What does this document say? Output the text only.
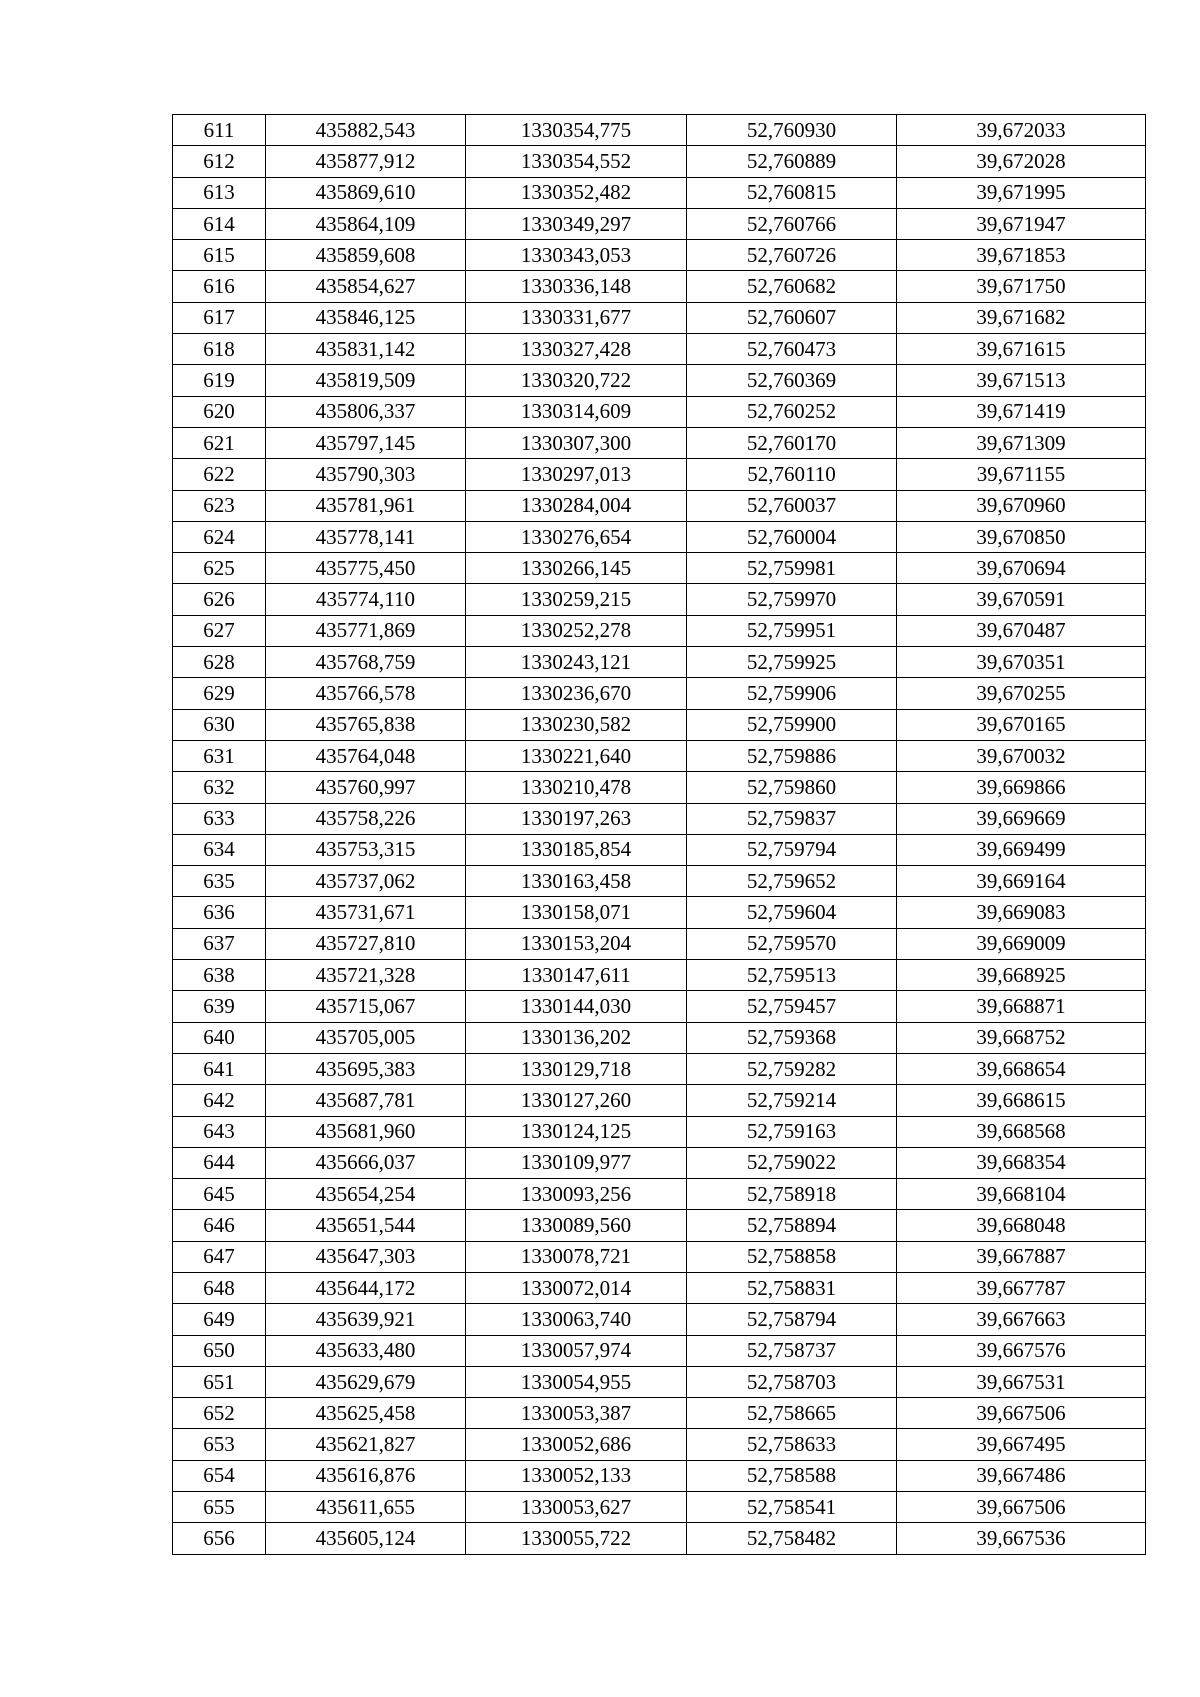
611	435882,543	1330354,775	52,760930	39,672033
612	435877,912	1330354,552	52,760889	39,672028
613	435869,610	1330352,482	52,760815	39,671995
614	435864,109	1330349,297	52,760766	39,671947
615	435859,608	1330343,053	52,760726	39,671853
616	435854,627	1330336,148	52,760682	39,671750
617	435846,125	1330331,677	52,760607	39,671682
618	435831,142	1330327,428	52,760473	39,671615
619	435819,509	1330320,722	52,760369	39,671513
620	435806,337	1330314,609	52,760252	39,671419
621	435797,145	1330307,300	52,760170	39,671309
622	435790,303	1330297,013	52,760110	39,671155
623	435781,961	1330284,004	52,760037	39,670960
624	435778,141	1330276,654	52,760004	39,670850
625	435775,450	1330266,145	52,759981	39,670694
626	435774,110	1330259,215	52,759970	39,670591
627	435771,869	1330252,278	52,759951	39,670487
628	435768,759	1330243,121	52,759925	39,670351
629	435766,578	1330236,670	52,759906	39,670255
630	435765,838	1330230,582	52,759900	39,670165
631	435764,048	1330221,640	52,759886	39,670032
632	435760,997	1330210,478	52,759860	39,669866
633	435758,226	1330197,263	52,759837	39,669669
634	435753,315	1330185,854	52,759794	39,669499
635	435737,062	1330163,458	52,759652	39,669164
636	435731,671	1330158,071	52,759604	39,669083
637	435727,810	1330153,204	52,759570	39,669009
638	435721,328	1330147,611	52,759513	39,668925
639	435715,067	1330144,030	52,759457	39,668871
640	435705,005	1330136,202	52,759368	39,668752
641	435695,383	1330129,718	52,759282	39,668654
642	435687,781	1330127,260	52,759214	39,668615
643	435681,960	1330124,125	52,759163	39,668568
644	435666,037	1330109,977	52,759022	39,668354
645	435654,254	1330093,256	52,758918	39,668104
646	435651,544	1330089,560	52,758894	39,668048
647	435647,303	1330078,721	52,758858	39,667887
648	435644,172	1330072,014	52,758831	39,667787
649	435639,921	1330063,740	52,758794	39,667663
650	435633,480	1330057,974	52,758737	39,667576
651	435629,679	1330054,955	52,758703	39,667531
652	435625,458	1330053,387	52,758665	39,667506
653	435621,827	1330052,686	52,758633	39,667495
654	435616,876	1330052,133	52,758588	39,667486
655	435611,655	1330053,627	52,758541	39,667506
656	435605,124	1330055,722	52,758482	39,667536
